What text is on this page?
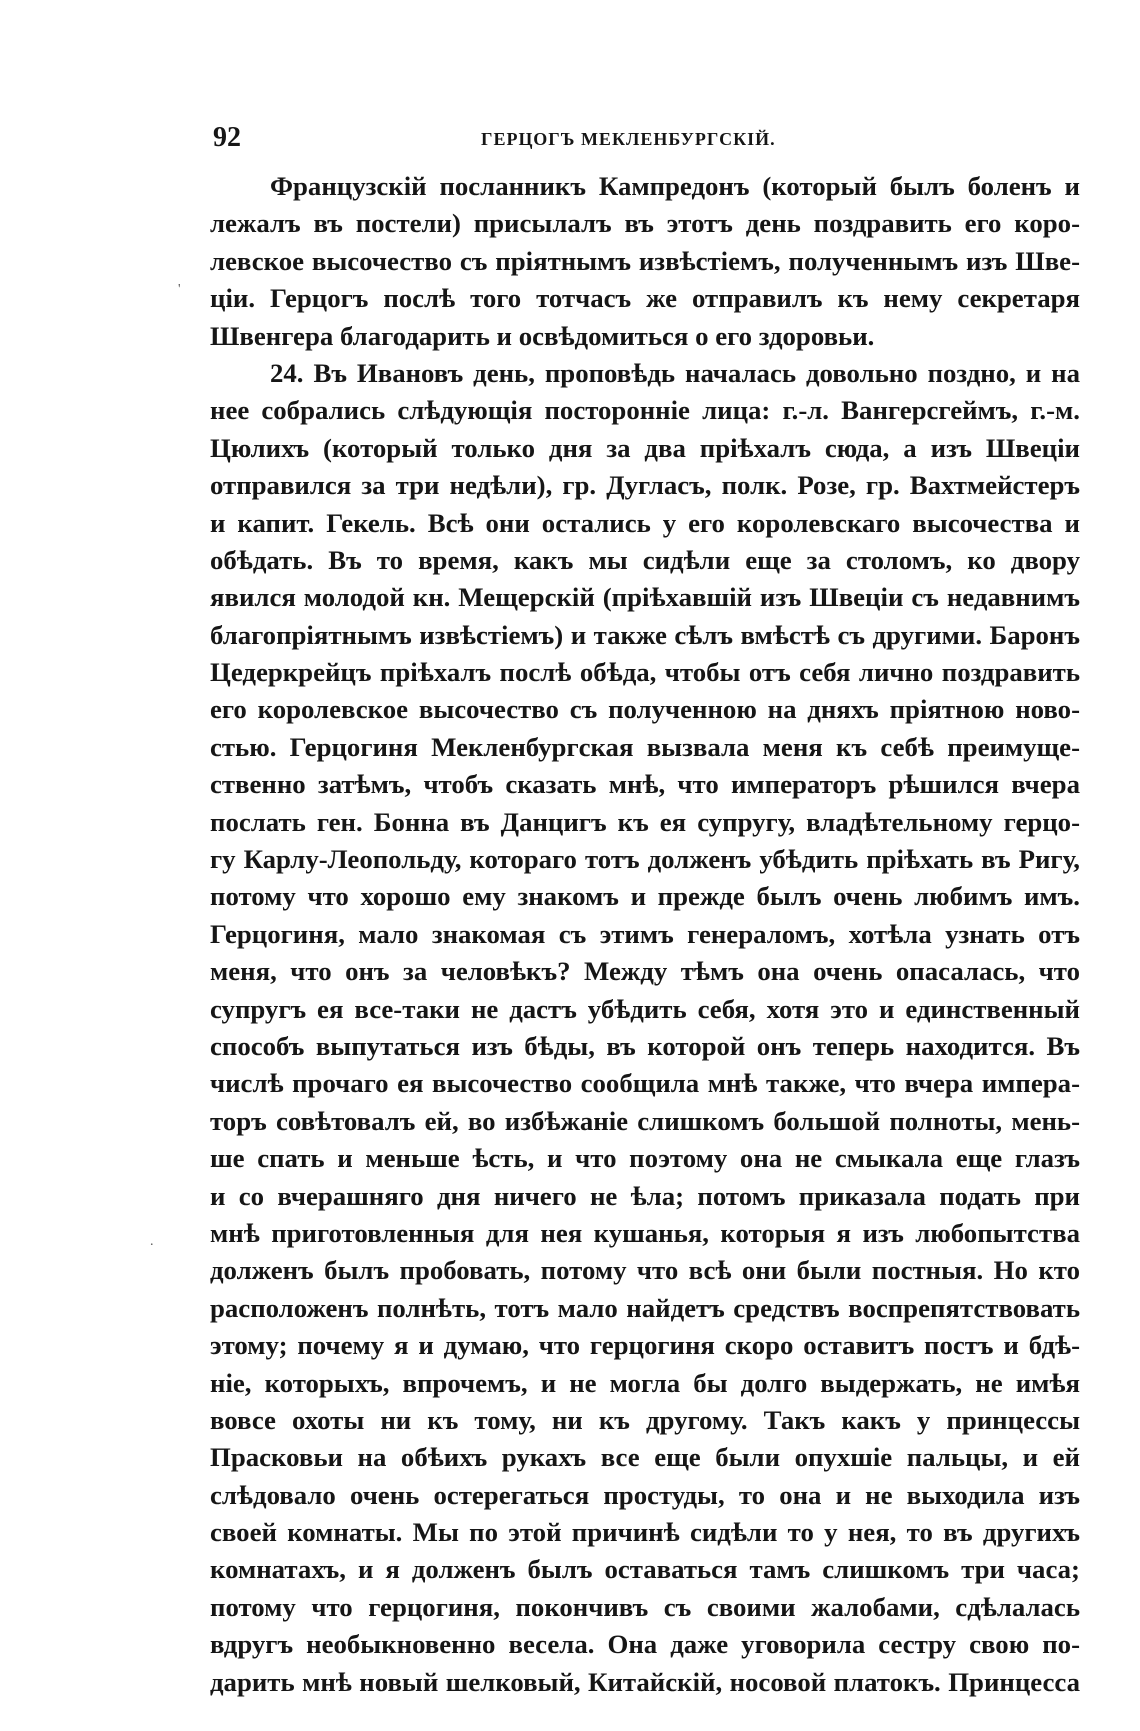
92	ГЕРЦОГЪ МЕКЛЕНБУРГСКІЙ.
'
.
Французскій посланникъ Кампредонъ (который былъ боленъ и
лежалъ въ постели) присылалъ въ этотъ день поздравить его коро-
левское высочество съ пріятнымъ извѣстіемъ, полученнымъ изъ Шве-
ціи. Герцогъ послѣ того тотчасъ же отправилъ къ нему секретаря
Швенгера благодарить и освѣдомиться о его здоровьи.
24. Въ Ивановъ день, проповѣдь началась довольно поздно, и на
нее собрались слѣдующія посторонніе лица: г.-л. Вангерсгеймъ, г.-м.
Цюлихъ (который только дня за два пріѣхалъ сюда, а изъ Швеціи
отправился за три недѣли), гр. Дугласъ, полк. Розе, гр. Вахтмейстеръ
и капит. Гекель. Всѣ они остались у его королевскаго высочества и
обѣдать. Въ то время, какъ мы сидѣли еще за столомъ, ко двору
явился молодой кн. Мещерскій (пріѣхавшій изъ Швеціи съ недавнимъ
благопріятнымъ извѣстіемъ) и также сѣлъ вмѣстѣ съ другими. Баронъ
Цедеркрейцъ пріѣхалъ послѣ обѣда, чтобы отъ себя лично поздравить
его королевское высочество съ полученною на дняхъ пріятною ново-
стью. Герцогиня Мекленбургская вызвала меня къ себѣ преимуще-
ственно затѣмъ, чтобъ сказать мнѣ, что императоръ рѣшился вчера
послать ген. Бонна въ Данцигъ къ ея супругу, владѣтельному герцо-
гу Карлу-Леопольду, котораго тотъ долженъ убѣдить пріѣхать въ Ригу,
потому что хорошо ему знакомъ и прежде былъ очень любимъ имъ.
Герцогиня, мало знакомая съ этимъ генераломъ, хотѣла узнать отъ
меня, что онъ за человѣкъ? Между тѣмъ она очень опасалась, что
супругъ ея все-таки не дастъ убѣдить себя, хотя это и единственный
способъ выпутаться изъ бѣды, въ которой онъ теперь находится. Въ
числѣ прочаго ея высочество сообщила мнѣ также, что вчера импера-
торъ совѣтовалъ ей, во избѣжаніе слишкомъ большой полноты, мень-
ше спать и меньше ѣсть, и что поэтому она не смыкала еще глазъ
и со вчерашняго дня ничего не ѣла; потомъ приказала подать при
мнѣ приготовленныя для нея кушанья, которыя я изъ любопытства
долженъ былъ пробовать, потому что всѣ они были постныя. Но кто
расположенъ полнѣть, тотъ мало найдетъ средствъ воспрепятствовать
этому; почему я и думаю, что герцогиня скоро оставитъ постъ и бдѣ-
ніе, которыхъ, впрочемъ, и не могла бы долго выдержать, не имѣя
вовсе охоты ни къ тому, ни къ другому. Такъ какъ у принцессы
Прасковьи на обѣихъ рукахъ все еще были опухшіе пальцы, и ей
слѣдовало очень остерегаться простуды, то она и не выходила изъ
своей комнаты. Мы по этой причинѣ сидѣли то у нея, то въ другихъ
комнатахъ, и я долженъ былъ оставаться тамъ слишкомъ три часа;
потому что герцогиня, покончивъ съ своими жалобами, сдѣлалась
вдругъ необыкновенно весела. Она даже уговорила сестру свою по-
дарить мнѣ новый шелковый, Китайскій, носовой платокъ. Принцесса
